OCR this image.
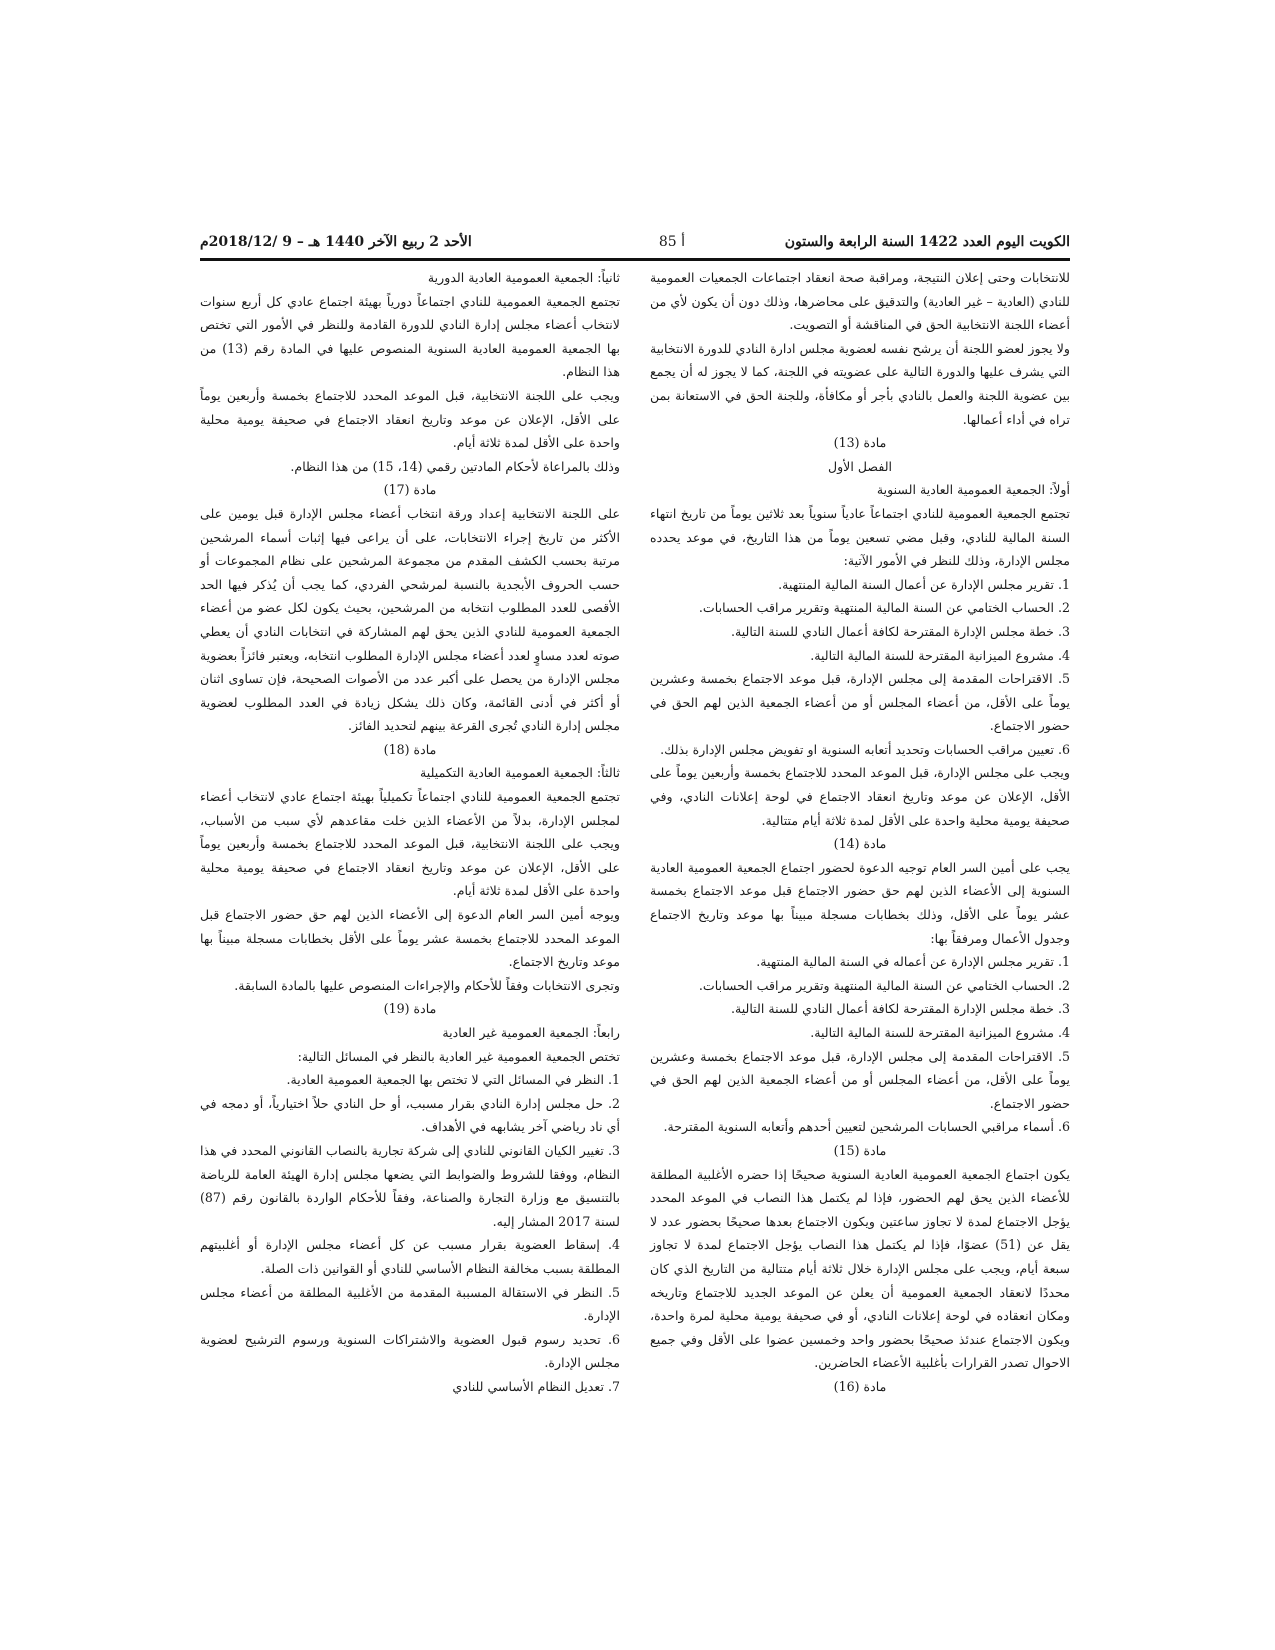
الكويت اليوم العدد 1422 السنة الرابعة والستون
أ 85
الأحد 2 ربيع الآخر 1440 هـ – 9 /2018/12م

للانتخابات وحتى إعلان النتيجة، ومراقبة صحة انعقاد اجتماعات الجمعيات العمومية للنادي (العادية – غير العادية) والتدقيق على محاضرها، وذلك دون أن يكون لأي من أعضاء اللجنة الانتخابية الحق في المناقشة أو التصويت.

ولا يجوز لعضو اللجنة أن يرشح نفسه لعضوية مجلس ادارة النادي للدورة الانتخابية التي يشرف عليها والدورة التالية على عضويته في اللجنة، كما لا يجوز له أن يجمع بين عضوية اللجنة والعمل بالنادي بأجر أو مكافأة، وللجنة الحق في الاستعانة بمن تراه في أداء أعمالها.

مادة (13)

الفصل الأول

أولاً: الجمعية العمومية العادية السنوية

تجتمع الجمعية العمومية للنادي اجتماعاً عادياً سنوياً بعد ثلاثين يوماً من تاريخ انتهاء السنة المالية للنادي، وقبل مضي تسعين يوماً من هذا التاريخ، في موعد يحدده مجلس الإدارة، وذلك للنظر في الأمور الآتية:

1. تقرير مجلس الإدارة عن أعمال السنة المالية المنتهية.

2. الحساب الختامي عن السنة المالية المنتهية وتقرير مراقب الحسابات.

3. خطة مجلس الإدارة المقترحة لكافة أعمال النادي للسنة التالية.

4. مشروع الميزانية المقترحة للسنة المالية التالية.

5. الاقتراحات المقدمة إلى مجلس الإدارة، قبل موعد الاجتماع بخمسة وعشرين يوماً على الأقل، من أعضاء المجلس أو من أعضاء الجمعية الذين لهم الحق في حضور الاجتماع.

6. تعيين مراقب الحسابات وتحديد أتعابه السنوية او تفويض مجلس الإدارة بذلك.

ويجب على مجلس الإدارة، قبل الموعد المحدد للاجتماع بخمسة وأربعين يوماً على الأقل، الإعلان عن موعد وتاريخ انعقاد الاجتماع في لوحة إعلانات النادي، وفي صحيفة يومية محلية واحدة على الأقل لمدة ثلاثة أيام متتالية.

مادة (14)

يجب على أمين السر العام توجيه الدعوة لحضور اجتماع الجمعية العمومية العادية السنوية إلى الأعضاء الذين لهم حق حضور الاجتماع قبل موعد الاجتماع بخمسة عشر يوماً على الأقل، وذلك بخطابات مسجلة مبيناً بها موعد وتاريخ الاجتماع وجدول الأعمال ومرفقاً بها:

1. تقرير مجلس الإدارة عن أعماله في السنة المالية المنتهية.

2. الحساب الختامي عن السنة المالية المنتهية وتقرير مراقب الحسابات.

3. خطة مجلس الإدارة المقترحة لكافة أعمال النادي للسنة التالية.

4. مشروع الميزانية المقترحة للسنة المالية التالية.

5. الاقتراحات المقدمة إلى مجلس الإدارة، قبل موعد الاجتماع بخمسة وعشرين يوماً على الأقل، من أعضاء المجلس أو من أعضاء الجمعية الذين لهم الحق في حضور الاجتماع.

6. أسماء مراقبي الحسابات المرشحين لتعيين أحدهم وأتعابه السنوية المقترحة.

مادة (15)

يكون اجتماع الجمعية العمومية العادية السنوية صحيحًا إذا حضره الأغلبية المطلقة للأعضاء الذين يحق لهم الحضور، فإذا لم يكتمل هذا النصاب في الموعد المحدد يؤجل الاجتماع لمدة لا تجاوز ساعتين ويكون الاجتماع بعدها صحيحًا بحضور عدد لا يقل عن (51) عضوًا، فإذا لم يكتمل هذا النصاب يؤجل الاجتماع لمدة لا تجاوز سبعة أيام، ويجب على مجلس الإدارة خلال ثلاثة أيام متتالية من التاريخ الذي كان محددًا لانعقاد الجمعية العمومية أن يعلن عن الموعد الجديد للاجتماع وتاريخه ومكان انعقاده في لوحة إعلانات النادي، أو في صحيفة يومية محلية لمرة واحدة، ويكون الاجتماع عندئذ صحيحًا بحضور واحد وخمسين عضوا على الأقل وفي جميع الاحوال تصدر القرارات بأغلبية الأعضاء الحاضرين.

مادة (16)

ثانياً: الجمعية العمومية العادية الدورية

تجتمع الجمعية العمومية للنادي اجتماعاً دورياً بهيئة اجتماع عادي كل أربع سنوات لانتخاب أعضاء مجلس إدارة النادي للدورة القادمة وللنظر في الأمور التي تختص بها الجمعية العمومية العادية السنوية المنصوص عليها في المادة رقم (13) من هذا النظام.

ويجب على اللجنة الانتخابية، قبل الموعد المحدد للاجتماع بخمسة وأربعين يوماً على الأقل، الإعلان عن موعد وتاريخ انعقاد الاجتماع في صحيفة يومية محلية واحدة على الأقل لمدة ثلاثة أيام.

وذلك بالمراعاة لأحكام المادتين رقمي (14، 15) من هذا النظام.

مادة (17)

على اللجنة الانتخابية إعداد ورقة انتخاب أعضاء مجلس الإدارة قبل يومين على الأكثر من تاريخ إجراء الانتخابات، على أن يراعى فيها إثبات أسماء المرشحين مرتبة بحسب الكشف المقدم من مجموعة المرشحين على نظام المجموعات أو حسب الحروف الأبجدية بالنسبة لمرشحي الفردي، كما يجب أن يُذكر فيها الحد الأقصى للعدد المطلوب انتخابه من المرشحين، بحيث يكون لكل عضو من أعضاء الجمعية العمومية للنادي الذين يحق لهم المشاركة في انتخابات النادي أن يعطي صوته لعدد مساوٍ لعدد أعضاء مجلس الإدارة المطلوب انتخابه، ويعتبر فائزاً بعضوية مجلس الإدارة من يحصل على أكبر عدد من الأصوات الصحيحة، فإن تساوى اثنان أو أكثر في أدنى القائمة، وكان ذلك يشكل زيادة في العدد المطلوب لعضوية مجلس إدارة النادي تُجرى القرعة بينهم لتحديد الفائز.

مادة (18)

ثالثاً: الجمعية العمومية العادية التكميلية

تجتمع الجمعية العمومية للنادي اجتماعاً تكميلياً بهيئة اجتماع عادي لانتخاب أعضاء لمجلس الإدارة، بدلاً من الأعضاء الذين خلت مقاعدهم لأي سبب من الأسباب، ويجب على اللجنة الانتخابية، قبل الموعد المحدد للاجتماع بخمسة وأربعين يوماً على الأقل، الإعلان عن موعد وتاريخ انعقاد الاجتماع في صحيفة يومية محلية واحدة على الأقل لمدة ثلاثة أيام.

ويوجه أمين السر العام الدعوة إلى الأعضاء الذين لهم حق حضور الاجتماع قبل الموعد المحدد للاجتماع بخمسة عشر يوماً على الأقل بخطابات مسجلة مبيناً بها موعد وتاريخ الاجتماع.

وتجرى الانتخابات وفقاً للأحكام والإجراءات المنصوص عليها بالمادة السابقة.

مادة (19)

رابعاً: الجمعية العمومية غير العادية

تختص الجمعية العمومية غير العادية بالنظر في المسائل التالية:

1. النظر في المسائل التي لا تختص بها الجمعية العمومية العادية.

2. حل مجلس إدارة النادي بقرار مسبب، أو حل النادي حلاً اختيارياً، أو دمجه في أي ناد رياضي آخر يشابهه في الأهداف.

3. تغيير الكيان القانوني للنادي إلى شركة تجارية بالنصاب القانوني المحدد في هذا النظام، ووفقا للشروط والضوابط التي يضعها مجلس إدارة الهيئة العامة للرياضة بالتنسيق مع وزارة التجارة والصناعة، وفقاً للأحكام الواردة بالقانون رقم (87) لسنة 2017 المشار إليه.

4. إسقاط العضوية بقرار مسبب عن كل أعضاء مجلس الإدارة أو أغلبيتهم المطلقة بسبب مخالفة النظام الأساسي للنادي أو القوانين ذات الصلة.

5. النظر في الاستقالة المسببة المقدمة من الأغلبية المطلقة من أعضاء مجلس الإدارة.

6. تحديد رسوم قبول العضوية والاشتراكات السنوية ورسوم الترشيح لعضوية مجلس الإدارة.

7. تعديل النظام الأساسي للنادي
